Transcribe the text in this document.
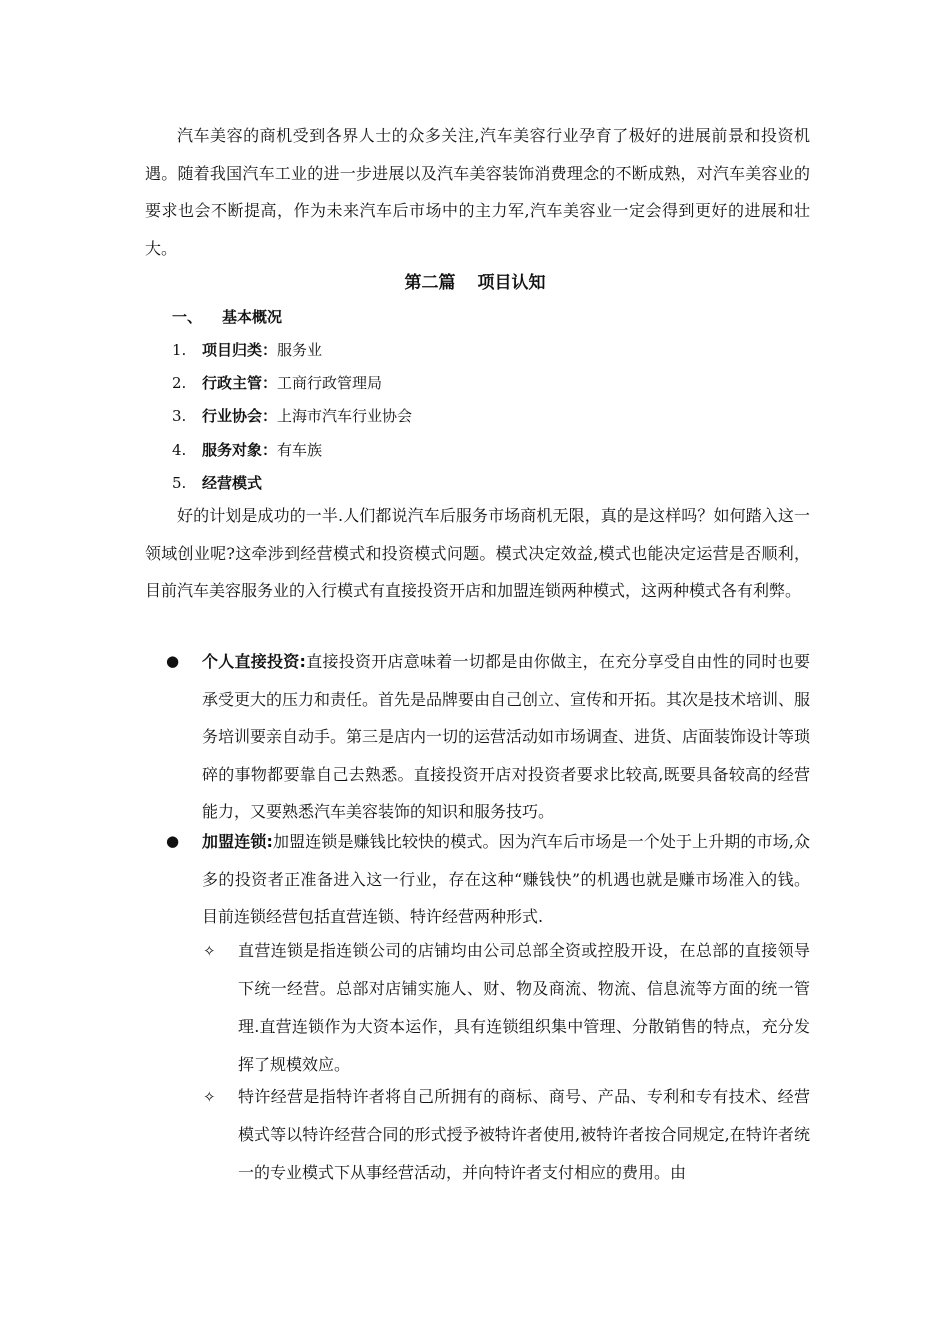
汽车美容的商机受到各界人士的众多关注,汽车美容行业孕育了极好的进展前景和投资机遇。随着我国汽车工业的进一步进展以及汽车美容装饰消费理念的不断成熟，对汽车美容业的要求也会不断提高，作为未来汽车后市场中的主力军,汽车美容业一定会得到更好的进展和壮大。

第二篇 项目认知

一、 基本概况

1. 项目归类：服务业

2. 行政主管：工商行政管理局

3. 行业协会：上海市汽车行业协会

4. 服务对象：有车族

5. 经营模式

好的计划是成功的一半.人们都说汽车后服务市场商机无限，真的是这样吗？如何踏入这一领域创业呢?这牵涉到经营模式和投资模式问题。模式决定效益,模式也能决定运营是否顺利，目前汽车美容服务业的入行模式有直接投资开店和加盟连锁两种模式，这两种模式各有利弊。

● 个人直接投资:直接投资开店意味着一切都是由你做主，在充分享受自由性的同时也要承受更大的压力和责任。首先是品牌要由自己创立、宣传和开拓。其次是技术培训、服务培训要亲自动手。第三是店内一切的运营活动如市场调查、进货、店面装饰设计等琐碎的事物都要靠自己去熟悉。直接投资开店对投资者要求比较高,既要具备较高的经营能力，又要熟悉汽车美容装饰的知识和服务技巧。

● 加盟连锁:加盟连锁是赚钱比较快的模式。因为汽车后市场是一个处于上升期的市场,众多的投资者正准备进入这一行业，存在这种“赚钱快”的机遇也就是赚市场准入的钱。目前连锁经营包括直营连锁、特许经营两种形式.

✧ 直营连锁是指连锁公司的店铺均由公司总部全资或控股开设，在总部的直接领导下统一经营。总部对店铺实施人、财、物及商流、物流、信息流等方面的统一管理.直营连锁作为大资本运作，具有连锁组织集中管理、分散销售的特点，充分发挥了规模效应。

✧ 特许经营是指特许者将自己所拥有的商标、商号、产品、专利和专有技术、经营模式等以特许经营合同的形式授予被特许者使用,被特许者按合同规定,在特许者统一的专业模式下从事经营活动，并向特许者支付相应的费用。由
